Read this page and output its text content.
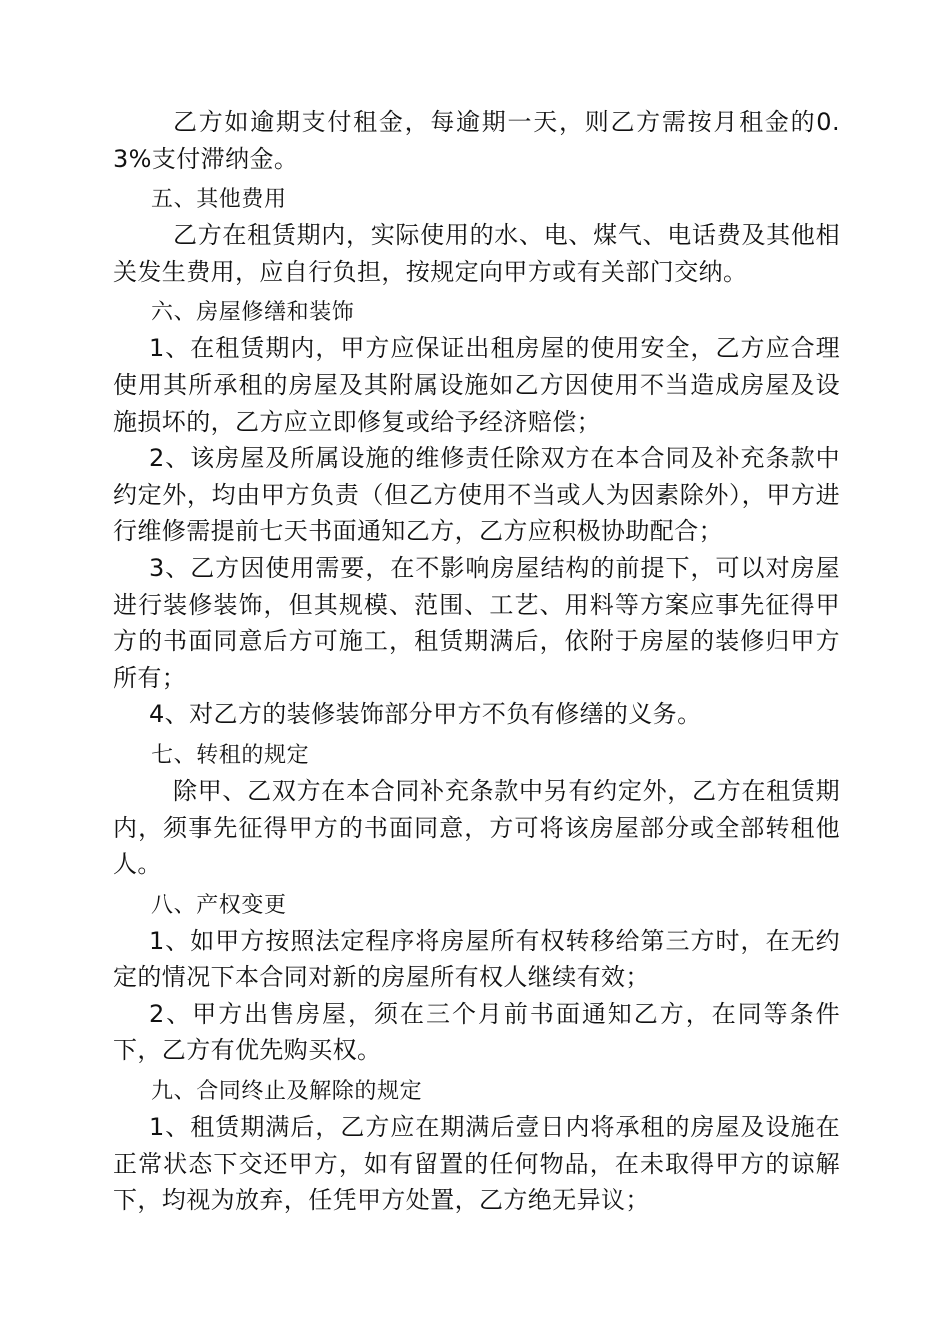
乙方如逾期支付租金，每逾期一天，则乙方需按月租金的0.3%支付滞纳金。

五、其他费用

乙方在租赁期内，实际使用的水、电、煤气、电话费及其他相关发生费用，应自行负担，按规定向甲方或有关部门交纳。

六、房屋修缮和装饰

1、在租赁期内，甲方应保证出租房屋的使用安全，乙方应合理使用其所承租的房屋及其附属设施如乙方因使用不当造成房屋及设施损坏的，乙方应立即修复或给予经济赔偿；

2、该房屋及所属设施的维修责任除双方在本合同及补充条款中约定外，均由甲方负责（但乙方使用不当或人为因素除外），甲方进行维修需提前七天书面通知乙方，乙方应积极协助配合；

3、乙方因使用需要，在不影响房屋结构的前提下，可以对房屋进行装修装饰，但其规模、范围、工艺、用料等方案应事先征得甲方的书面同意后方可施工，租赁期满后，依附于房屋的装修归甲方所有；

4、对乙方的装修装饰部分甲方不负有修缮的义务。

七、转租的规定

除甲、乙双方在本合同补充条款中另有约定外，乙方在租赁期内，须事先征得甲方的书面同意，方可将该房屋部分或全部转租他人。

八、产权变更

1、如甲方按照法定程序将房屋所有权转移给第三方时，在无约定的情况下本合同对新的房屋所有权人继续有效；

2、甲方出售房屋，须在三个月前书面通知乙方，在同等条件下，乙方有优先购买权。

九、合同终止及解除的规定

1、租赁期满后，乙方应在期满后壹日内将承租的房屋及设施在正常状态下交还甲方，如有留置的任何物品，在未取得甲方的谅解下，均视为放弃，任凭甲方处置，乙方绝无异议；
